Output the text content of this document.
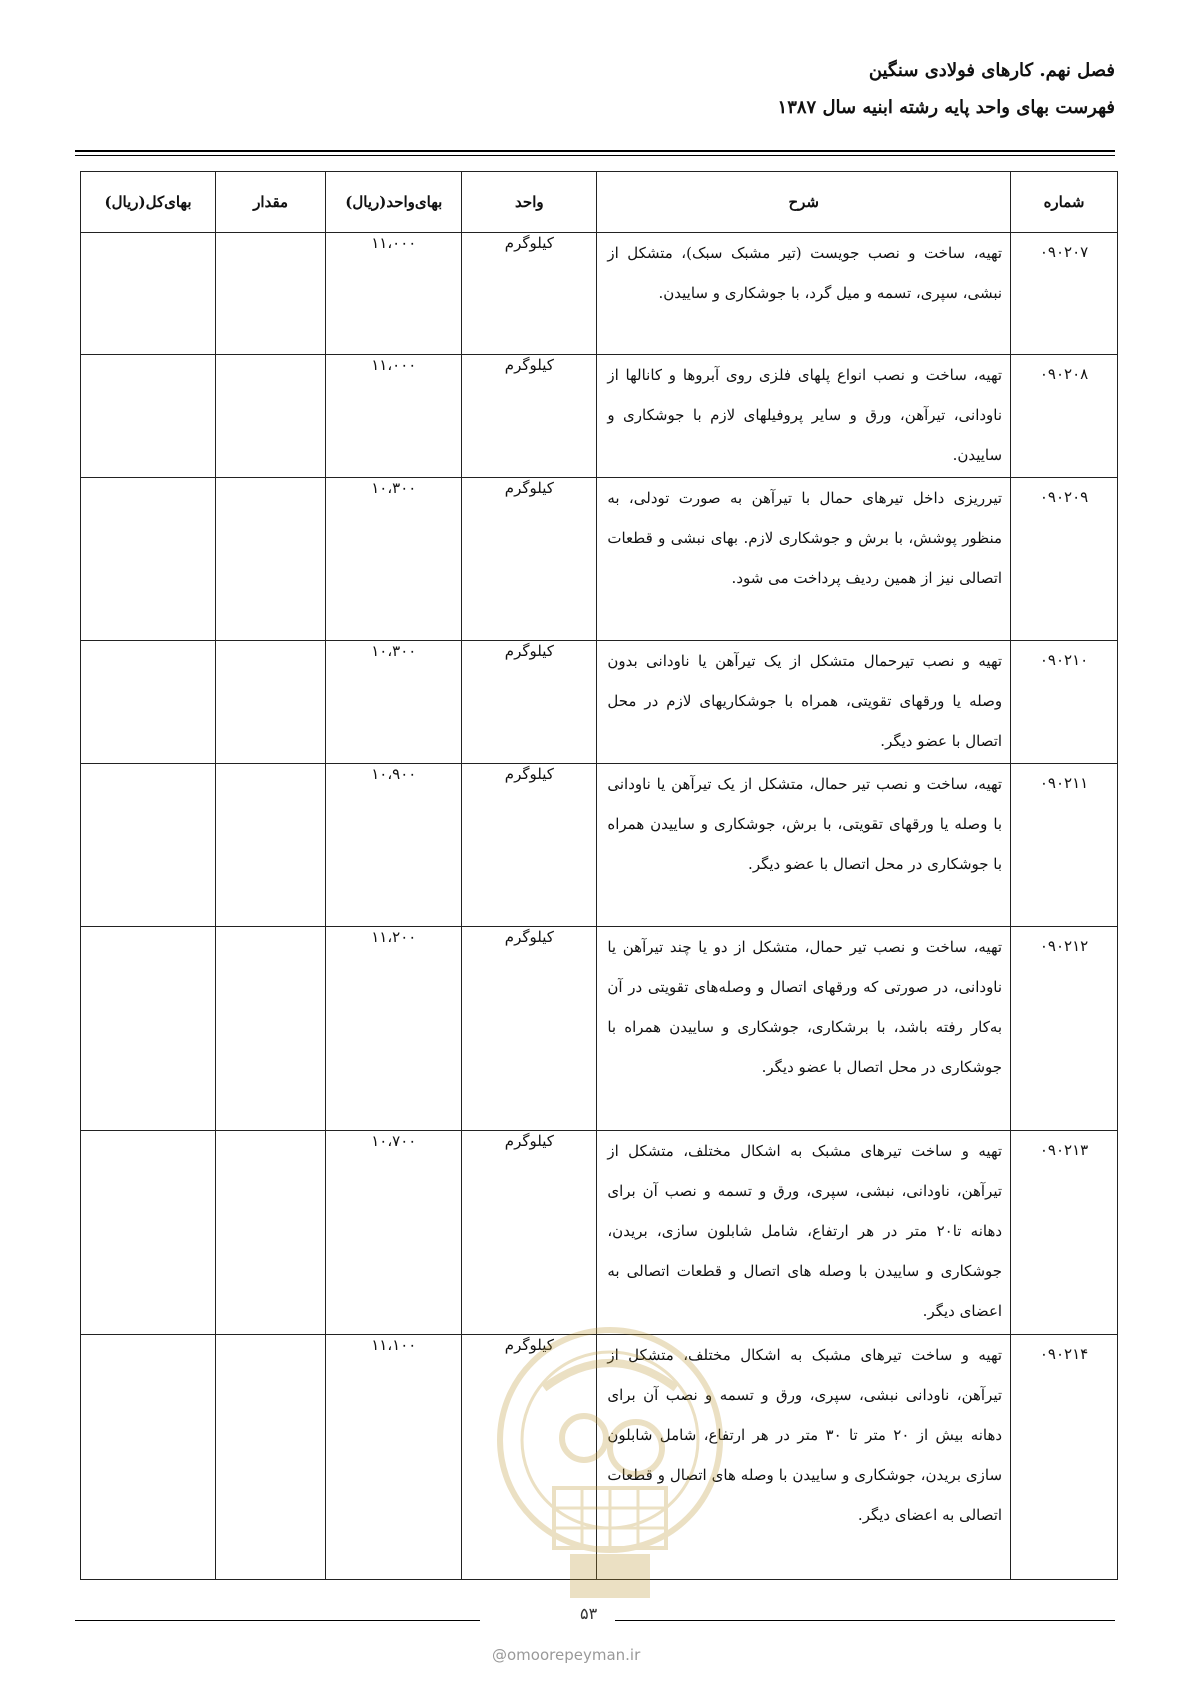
فصل نهم. کارهای فولادی سنگین
فهرست بهای واحد پایه رشته ابنیه سال ۱۳۸۷
شماره	شرح	واحد	بهای‌واحد(ریال)	مقدار	بهای‌کل(ریال)
۰۹۰۲۰۷	تهیه، ساخت و نصب جویست (تیر مشبک سبک)، متشکل از نبشی، سپری، تسمه و میل گرد، با جوشکاری و ساییدن.	کیلوگرم	۱۱،۰۰۰		
۰۹۰۲۰۸	تهیه، ساخت و نصب انواع پلهای فلزی روی آبروها و کانالها از ناودانی، تیرآهن، ورق و سایر پروفیلهای لازم با جوشکاری و ساییدن.	کیلوگرم	۱۱،۰۰۰		
۰۹۰۲۰۹	تیرریزی داخل تیرهای حمال با تیرآهن به صورت تودلی، به منظور پوشش، با برش و جوشکاری لازم. بهای نبشی و قطعات اتصالی نیز از همین ردیف پرداخت می شود.	کیلوگرم	۱۰،۳۰۰		
۰۹۰۲۱۰	تهیه و نصب تیرحمال متشکل از یک تیرآهن یا ناودانی بدون وصله یا ورقهای تقویتی، همراه با جوشکاریهای لازم در محل اتصال با عضو دیگر.	کیلوگرم	۱۰،۳۰۰		
۰۹۰۲۱۱	تهیه، ساخت و نصب تیر حمال، متشکل از یک تیرآهن یا ناودانی با وصله یا ورقهای تقویتی، با برش، جوشکاری و ساییدن همراه با جوشکاری در محل اتصال با عضو دیگر.	کیلوگرم	۱۰،۹۰۰		
۰۹۰۲۱۲	تهیه، ساخت و نصب تیر حمال، متشکل از دو یا چند تیرآهن یا ناودانی، در صورتی که ورقهای اتصال و وصله‌های تقویتی در آن به‌کار رفته باشد، با برشکاری، جوشکاری و ساییدن همراه با جوشکاری در محل اتصال با عضو دیگر.	کیلوگرم	۱۱،۲۰۰		
۰۹۰۲۱۳	تهیه و ساخت تیرهای مشبک به اشکال مختلف، متشکل از تیرآهن، ناودانی، نبشی، سپری، ورق و تسمه و نصب آن برای دهانه تا۲۰ متر در هر ارتفاع، شامل شابلون سازی، بریدن، جوشکاری و ساییدن با وصله های اتصال و قطعات اتصالی به اعضای دیگر.	کیلوگرم	۱۰،۷۰۰		
۰۹۰۲۱۴	تهیه و ساخت تیرهای مشبک به اشکال مختلف، متشکل از تیرآهن، ناودانی نبشی، سپری، ورق و تسمه و نصب آن برای دهانه بیش از ۲۰ متر تا ۳۰ متر در هر ارتفاع، شامل شابلون سازی بریدن، جوشکاری و ساییدن با وصله های اتصال و قطعات اتصالی به اعضای دیگر.	کیلوگرم	۱۱،۱۰۰		
۵۳
@omoorepeyman.ir
